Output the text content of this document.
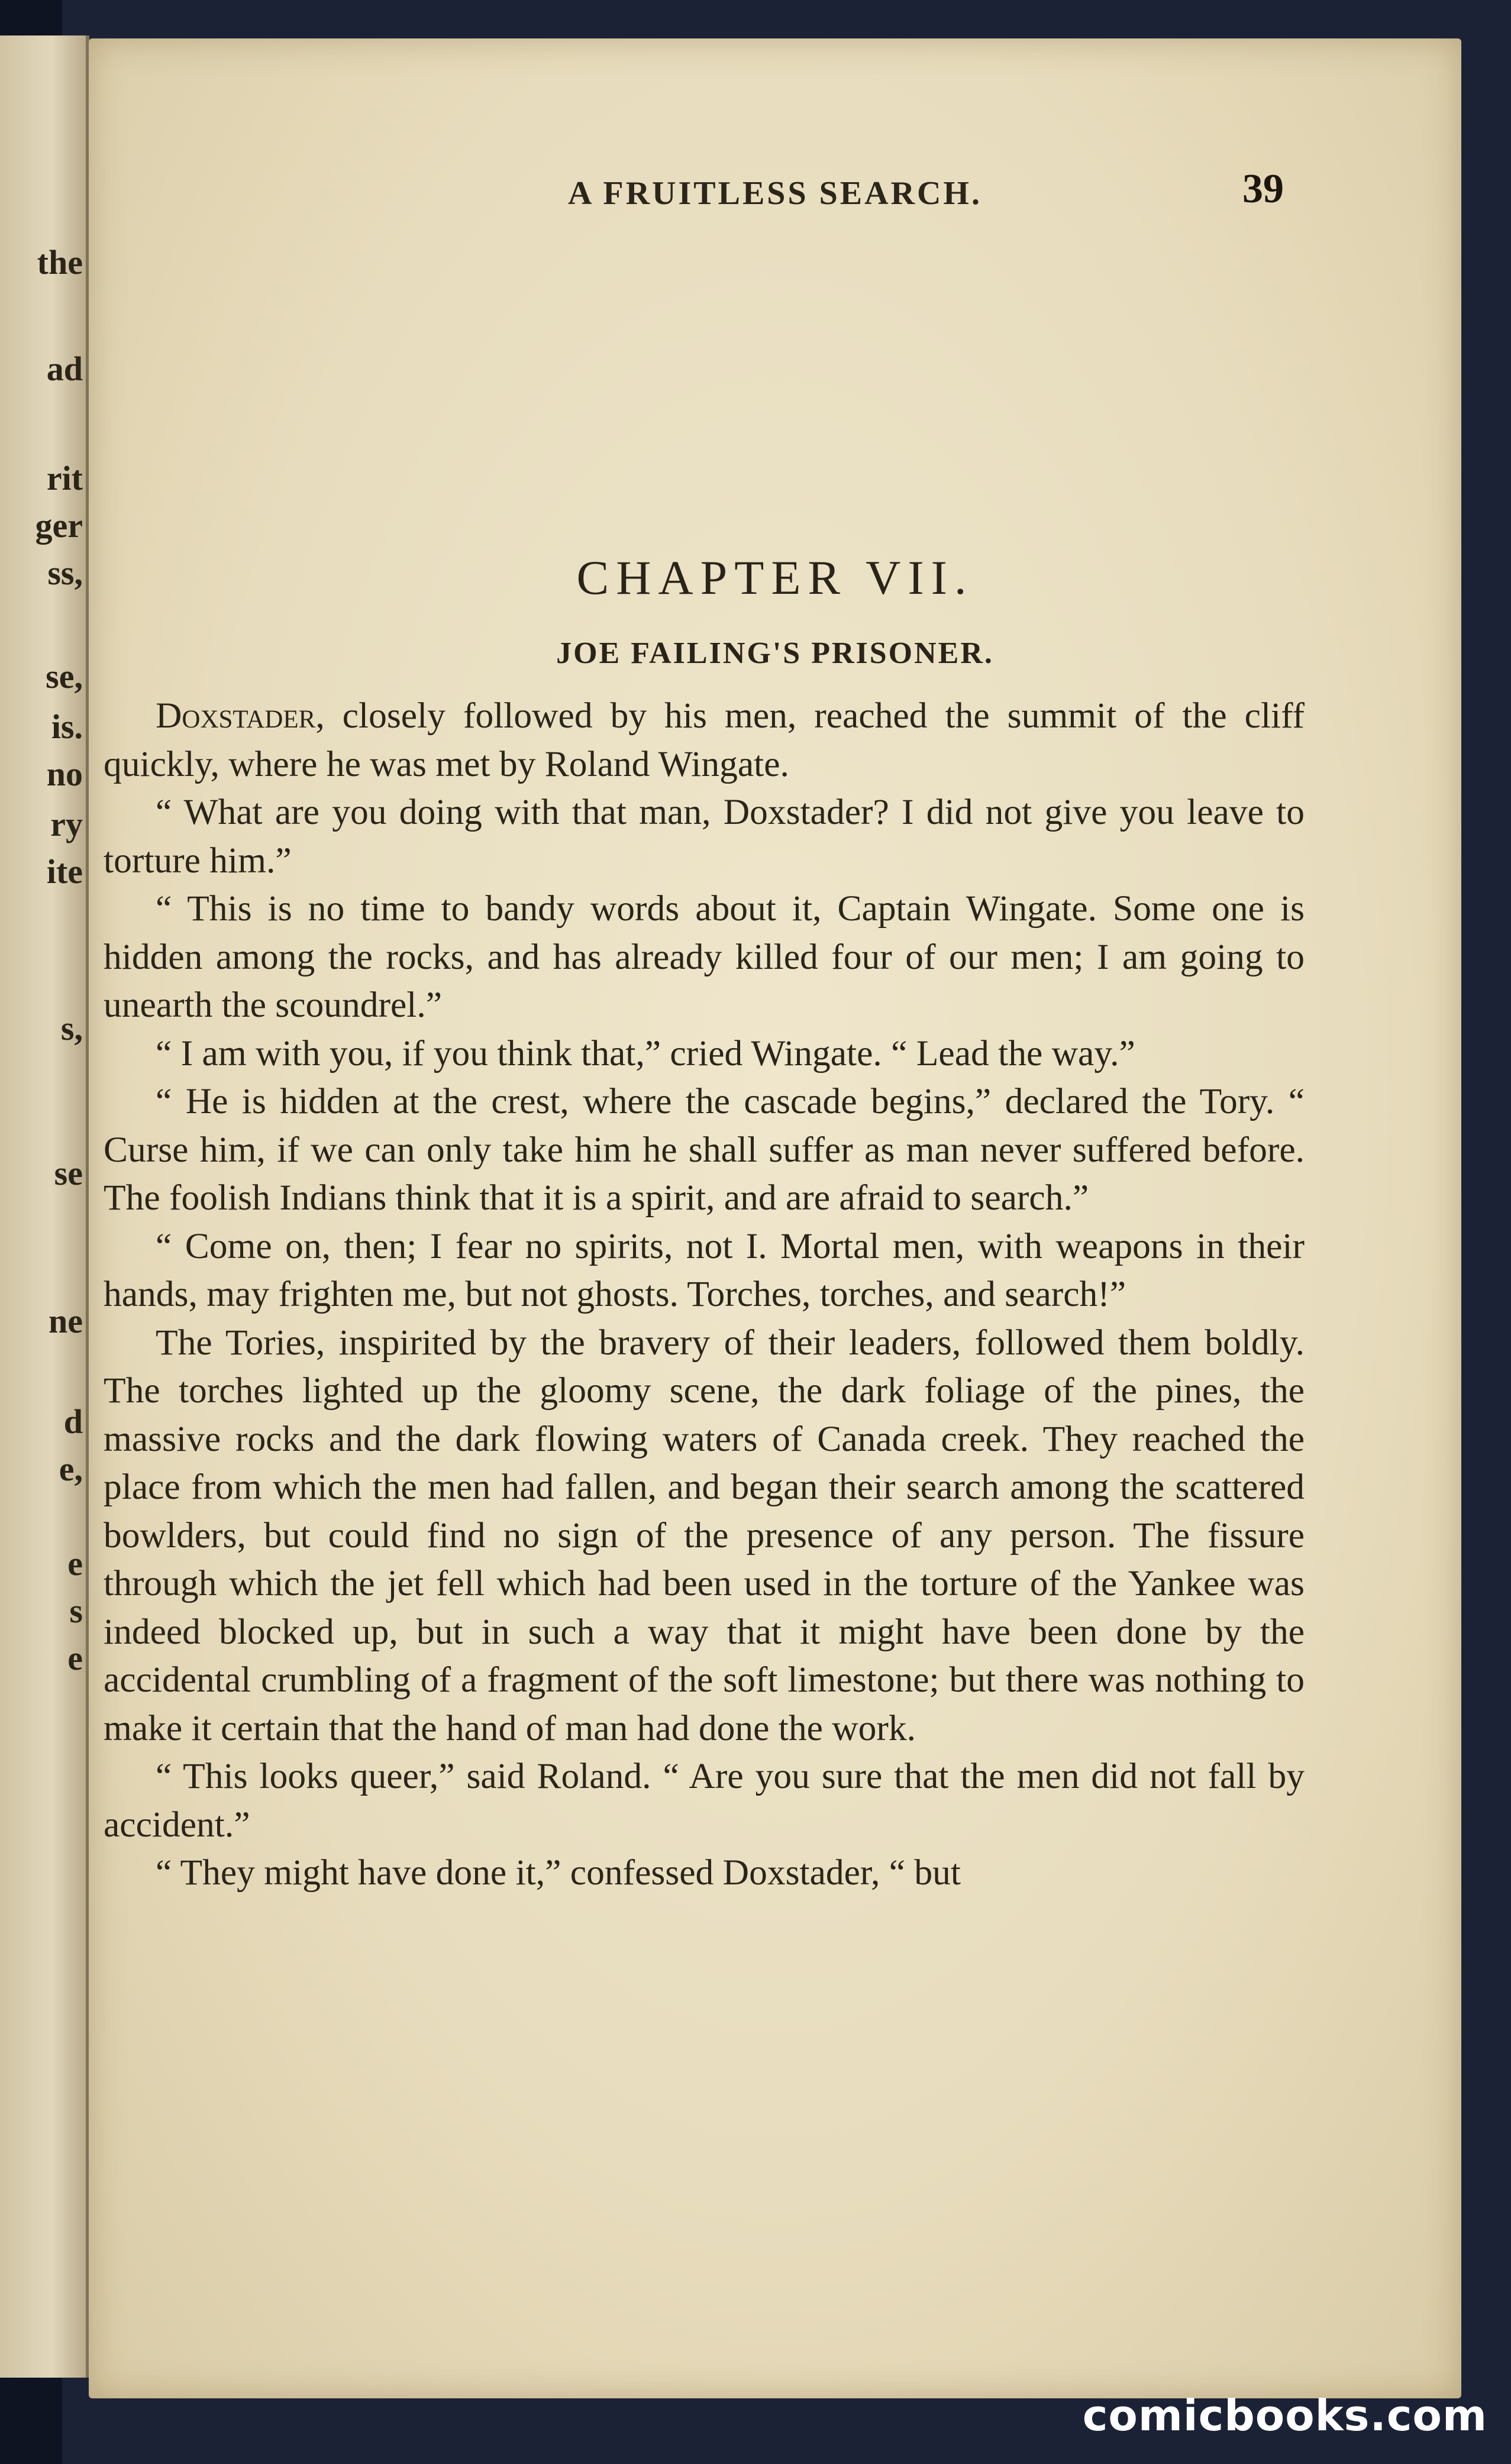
the
ad
rit
ger
ss,
se,
is.
no
ry
ite
s,
se
ne
d
e,
e
s
e
A FRUITLESS SEARCH.	39
CHAPTER VII.
JOE FAILING'S PRISONER.

Doxstader, closely followed by his men, reached the summit of the cliff quickly, where he was met by Roland Wingate.

“ What are you doing with that man, Doxstader? I did not give you leave to torture him.”

“ This is no time to bandy words about it, Captain Wingate. Some one is hidden among the rocks, and has already killed four of our men; I am going to unearth the scoundrel.”

“ I am with you, if you think that,” cried Wingate. “ Lead the way.”

“ He is hidden at the crest, where the cascade begins,” declared the Tory. “ Curse him, if we can only take him he shall suffer as man never suffered before. The foolish Indians think that it is a spirit, and are afraid to search.”

“ Come on, then; I fear no spirits, not I. Mortal men, with weapons in their hands, may frighten me, but not ghosts. Torches, torches, and search!”

The Tories, inspirited by the bravery of their leaders, followed them boldly. The torches lighted up the gloomy scene, the dark foliage of the pines, the massive rocks and the dark flowing waters of Canada creek. They reached the place from which the men had fallen, and began their search among the scattered bowlders, but could find no sign of the presence of any person. The fissure through which the jet fell which had been used in the torture of the Yankee was indeed blocked up, but in such a way that it might have been done by the accidental crumbling of a fragment of the soft limestone; but there was nothing to make it certain that the hand of man had done the work.

“ This looks queer,” said Roland. “ Are you sure that the men did not fall by accident.”

“ They might have done it,” confessed Doxstader, “ but

comicbooks.com
